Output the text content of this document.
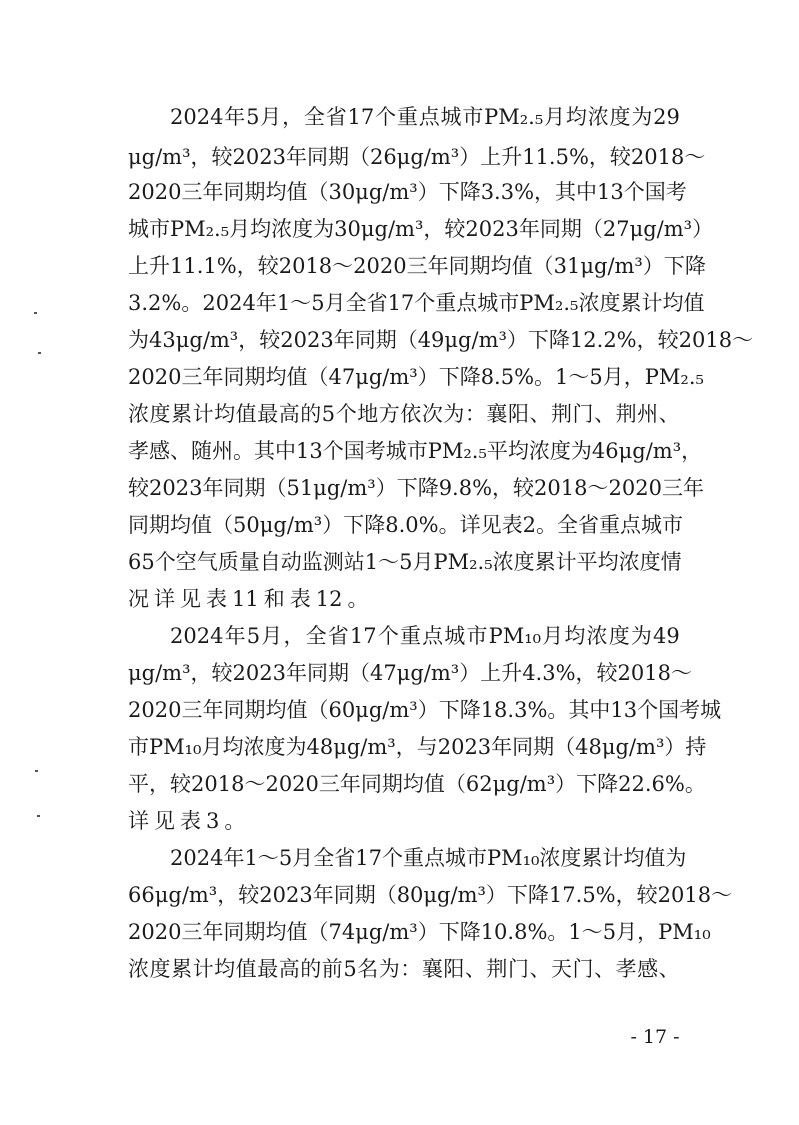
2024 年 5 月 ， 全 省 17 个 重 点 城 市 PM₂.₅ 月 均 浓 度 为 29
μg/m³ ， 较 2023 年 同 期 （ 26μg/m³ ） 上 升 11.5% ， 较 2018 ～
2020 三 年 同 期 均 值 （ 30μg/m³ ） 下 降 3.3% ， 其 中 13 个 国 考
城 市 PM₂.₅ 月 均 浓 度 为 30μg/m³ ， 较 2023 年 同 期 （ 27μg/m³ ）
上 升 11.1% ， 较 2018 ～ 2020 三 年 同 期 均 值 （ 31μg/m³ ） 下 降
3.2% 。 2024 年 1 ～ 5 月 全 省 17 个 重 点 城 市 PM₂.₅ 浓 度 累 计 均 值
为 43μg/m³ ， 较 2023 年 同 期 （ 49μg/m³ ） 下 降 12.2% ， 较 2018 ～
2020 三 年 同 期 均 值 （ 47μg/m³ ） 下 降 8.5% 。 1 ～ 5 月 ， PM₂.₅
浓 度 累 计 均 值 最 高 的 5 个 地 方 依 次 为 ： 襄 阳 、 荆 门 、 荆 州 、
孝 感 、 随 州 。 其 中 13 个 国 考 城 市 PM₂.₅ 平 均 浓 度 为 46μg/m³ ，
较 2023 年 同 期 （ 51μg/m³ ） 下 降 9.8% ， 较 2018 ～ 2020 三 年
同 期 均 值 （ 50μg/m³ ） 下 降 8.0% 。 详 见 表 2 。 全 省 重 点 城 市
65 个 空 气 质 量 自 动 监 测 站 1 ～ 5 月 PM₂.₅ 浓 度 累 计 平 均 浓 度 情
况 详 见 表 11 和 表 12 。
2024 年 5 月 ， 全 省 17 个 重 点 城 市 PM₁₀ 月 均 浓 度 为 49
μg/m³ ， 较 2023 年 同 期 （ 47μg/m³ ） 上 升 4.3% ， 较 2018 ～
2020 三 年 同 期 均 值 （ 60μg/m³ ） 下 降 18.3% 。 其 中 13 个 国 考 城
市 PM₁₀ 月 均 浓 度 为 48μg/m³ ， 与 2023 年 同 期 （ 48μg/m³ ） 持
平 ， 较 2018 ～ 2020 三 年 同 期 均 值 （ 62μg/m³ ） 下 降 22.6% 。
详 见 表 3 。
2024 年 1 ～ 5 月 全 省 17 个 重 点 城 市 PM₁₀ 浓 度 累 计 均 值 为
66μg/m³ ， 较 2023 年 同 期 （ 80μg/m³ ） 下 降 17.5% ， 较 2018 ～
2020 三 年 同 期 均 值 （ 74μg/m³ ） 下 降 10.8% 。 1 ～ 5 月 ， PM₁₀
浓 度 累 计 均 值 最 高 的 前 5 名 为 ： 襄 阳 、 荆 门 、 天 门 、 孝 感 、
- 17 -
